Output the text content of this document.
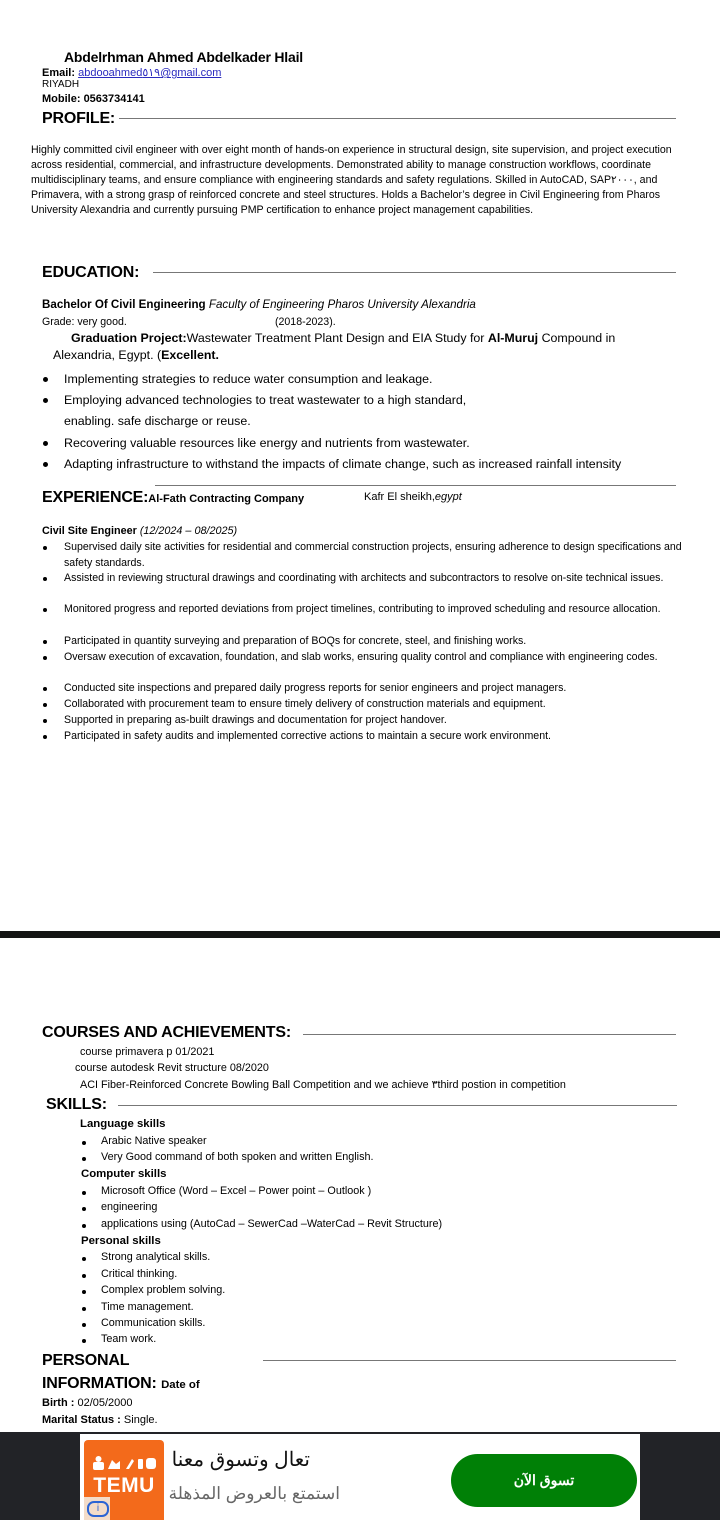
Abdelrhman Ahmed Abdelkader Hlail
Email: abdooahmed٥١٩@gmail.com
RIYADH
Mobile: 0563734141
PROFILE:
Highly committed civil engineer with over eight month of hands-on experience in structural design, site supervision, and project execution across residential, commercial, and infrastructure developments. Demonstrated ability to manage construction workflows, coordinate multidisciplinary teams, and ensure compliance with engineering standards and safety regulations. Skilled in AutoCAD, SAP٢٠٠٠, and Primavera, with a strong grasp of reinforced concrete and steel structures. Holds a Bachelor’s degree in Civil Engineering from Pharos University Alexandria and currently pursuing PMP certification to enhance project management capabilities.
EDUCATION:
Bachelor Of Civil Engineering Faculty of Engineering Pharos University Alexandria
Grade: very good.	(2018-2023).
Graduation Project:Wastewater Treatment Plant Design and EIA Study for Al-Muruj Compound in
Alexandria, Egypt. (Excellent.
Implementing strategies to reduce water consumption and leakage.
Employing advanced technologies to treat wastewater to a high standard,
enabling. safe discharge or reuse.
Recovering valuable resources like energy and nutrients from wastewater.
Adapting infrastructure to withstand the impacts of climate change, such as increased rainfall intensity
EXPERIENCE:Al-Fath Contracting Company	Kafr El sheikh,egypt
Civil Site Engineer (12/2024 – 08/2025)
Supervised daily site activities for residential and commercial construction projects, ensuring adherence to design specifications and safety standards.
Assisted in reviewing structural drawings and coordinating with architects and subcontractors to resolve on-site technical issues.
Monitored progress and reported deviations from project timelines, contributing to improved scheduling and resource allocation.
Participated in quantity surveying and preparation of BOQs for concrete, steel, and finishing works.
Oversaw execution of excavation, foundation, and slab works, ensuring quality control and compliance with engineering codes.
Conducted site inspections and prepared daily progress reports for senior engineers and project managers.
Collaborated with procurement team to ensure timely delivery of construction materials and equipment.
Supported in preparing as-built drawings and documentation for project handover.
Participated in safety audits and implemented corrective actions to maintain a secure work environment.
COURSES AND ACHIEVEMENTS:
course primavera p 01/2021
course autodesk Revit structure 08/2020
ACI Fiber-Reinforced Concrete Bowling Ball Competition and we achieve ٣third postion in competition
SKILLS:
Language skills
Arabic Native speaker
Very Good command of both spoken and written English.
Computer skills
Microsoft Office (Word – Excel – Power point – Outlook )
engineering
applications using (AutoCad – SewerCad –WaterCad – Revit Structure)
Personal skills
Strong analytical skills.
Critical thinking.
Complex problem solving.
Time management.
Communication skills.
Team work.
PERSONAL
INFORMATION: Date of
Birth : 02/05/2000
Marital Status : Single.
TEMU
i
تعال وتسوق معنا
استمتع بالعروض المذهلة
تسوق الآن
